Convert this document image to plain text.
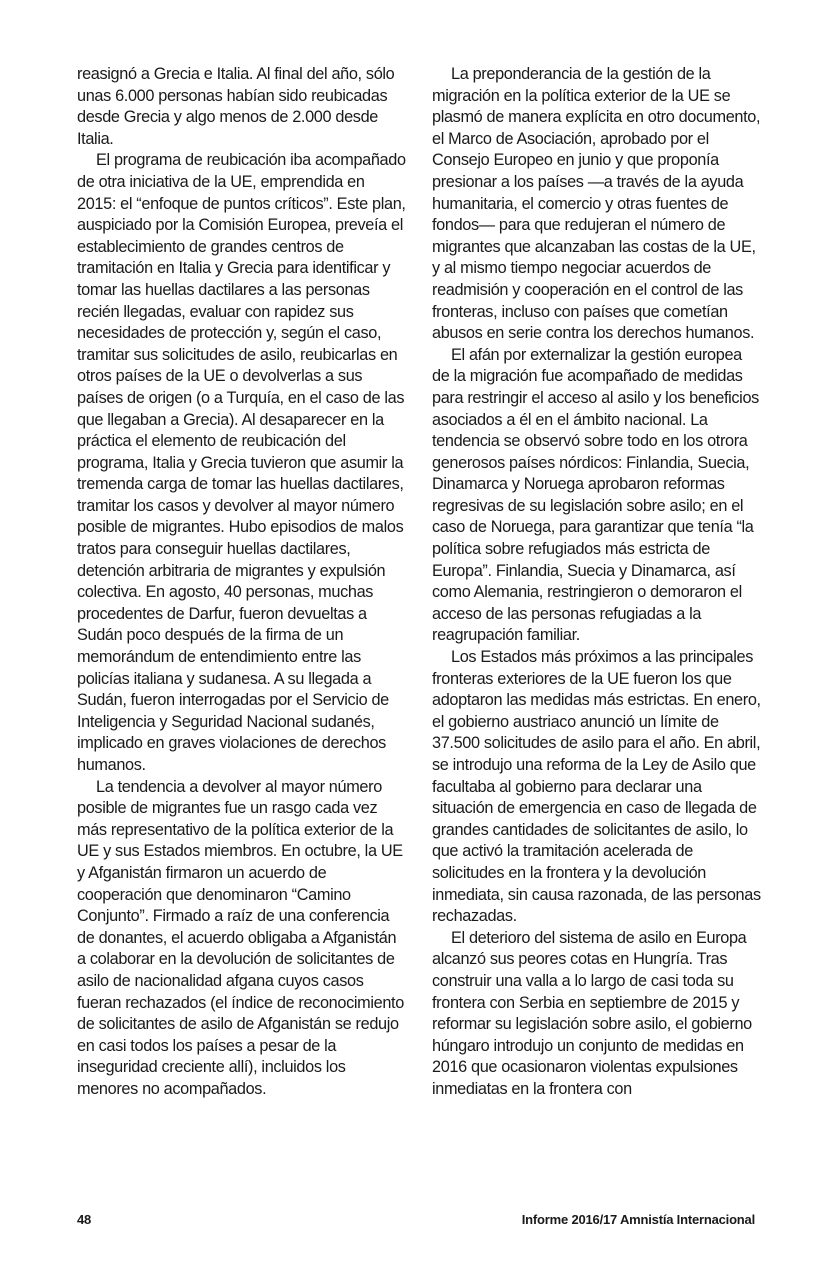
reasignó a Grecia e Italia. Al final del año, sólo unas 6.000 personas habían sido reubicadas desde Grecia y algo menos de 2.000 desde Italia.

El programa de reubicación iba acompañado de otra iniciativa de la UE, emprendida en 2015: el “enfoque de puntos críticos”. Este plan, auspiciado por la Comisión Europea, preveía el establecimiento de grandes centros de tramitación en Italia y Grecia para identificar y tomar las huellas dactilares a las personas recién llegadas, evaluar con rapidez sus necesidades de protección y, según el caso, tramitar sus solicitudes de asilo, reubicarlas en otros países de la UE o devolverlas a sus países de origen (o a Turquía, en el caso de las que llegaban a Grecia). Al desaparecer en la práctica el elemento de reubicación del programa, Italia y Grecia tuvieron que asumir la tremenda carga de tomar las huellas dactilares, tramitar los casos y devolver al mayor número posible de migrantes. Hubo episodios de malos tratos para conseguir huellas dactilares, detención arbitraria de migrantes y expulsión colectiva. En agosto, 40 personas, muchas procedentes de Darfur, fueron devueltas a Sudán poco después de la firma de un memorándum de entendimiento entre las policías italiana y sudanesa. A su llegada a Sudán, fueron interrogadas por el Servicio de Inteligencia y Seguridad Nacional sudanés, implicado en graves violaciones de derechos humanos.

La tendencia a devolver al mayor número posible de migrantes fue un rasgo cada vez más representativo de la política exterior de la UE y sus Estados miembros. En octubre, la UE y Afganistán firmaron un acuerdo de cooperación que denominaron “Camino Conjunto”. Firmado a raíz de una conferencia de donantes, el acuerdo obligaba a Afganistán a colaborar en la devolución de solicitantes de asilo de nacionalidad afgana cuyos casos fueran rechazados (el índice de reconocimiento de solicitantes de asilo de Afganistán se redujo en casi todos los países a pesar de la inseguridad creciente allí), incluidos los menores no acompañados.

La preponderancia de la gestión de la migración en la política exterior de la UE se plasmó de manera explícita en otro documento, el Marco de Asociación, aprobado por el Consejo Europeo en junio y que proponía presionar a los países —a través de la ayuda humanitaria, el comercio y otras fuentes de fondos— para que redujeran el número de migrantes que alcanzaban las costas de la UE, y al mismo tiempo negociar acuerdos de readmisión y cooperación en el control de las fronteras, incluso con países que cometían abusos en serie contra los derechos humanos.

El afán por externalizar la gestión europea de la migración fue acompañado de medidas para restringir el acceso al asilo y los beneficios asociados a él en el ámbito nacional. La tendencia se observó sobre todo en los otrora generosos países nórdicos: Finlandia, Suecia, Dinamarca y Noruega aprobaron reformas regresivas de su legislación sobre asilo; en el caso de Noruega, para garantizar que tenía “la política sobre refugiados más estricta de Europa”. Finlandia, Suecia y Dinamarca, así como Alemania, restringieron o demoraron el acceso de las personas refugiadas a la reagrupación familiar.

Los Estados más próximos a las principales fronteras exteriores de la UE fueron los que adoptaron las medidas más estrictas. En enero, el gobierno austriaco anunció un límite de 37.500 solicitudes de asilo para el año. En abril, se introdujo una reforma de la Ley de Asilo que facultaba al gobierno para declarar una situación de emergencia en caso de llegada de grandes cantidades de solicitantes de asilo, lo que activó la tramitación acelerada de solicitudes en la frontera y la devolución inmediata, sin causa razonada, de las personas rechazadas.

El deterioro del sistema de asilo en Europa alcanzó sus peores cotas en Hungría. Tras construir una valla a lo largo de casi toda su frontera con Serbia en septiembre de 2015 y reformar su legislación sobre asilo, el gobierno húngaro introdujo un conjunto de medidas en 2016 que ocasionaron violentas expulsiones inmediatas en la frontera con

48	Informe 2016/17 Amnistía Internacional
